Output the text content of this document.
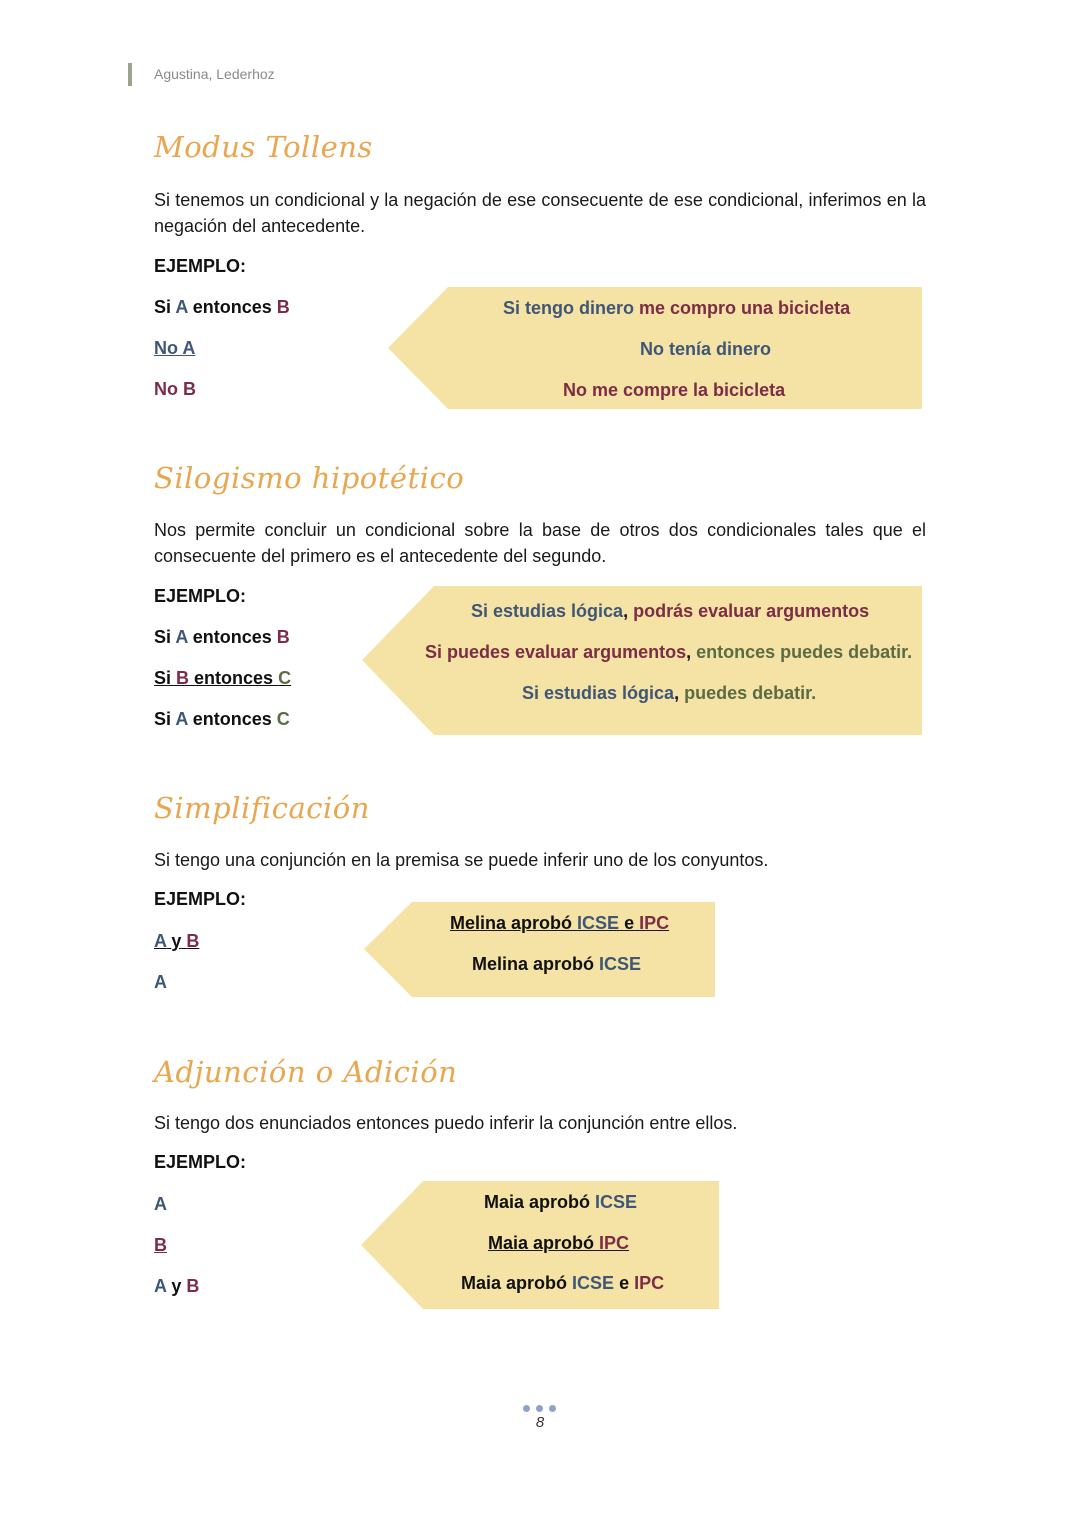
Agustina, Lederhoz
Modus Tollens
Si tenemos un condicional y la negación de ese consecuente de ese condicional, inferimos en la negación del antecedente.
EJEMPLO:
Si A entonces B
No A
No B
Si tengo dinero me compro una bicicleta
No tenía dinero
No me compre la bicicleta
Silogismo hipotético
Nos permite concluir un condicional sobre la base de otros dos condicionales tales que el consecuente del primero es el antecedente del segundo.
EJEMPLO:
Si A entonces B
Si B entonces C
Si A entonces C
Si estudias lógica, podrás evaluar argumentos
Si puedes evaluar argumentos, entonces puedes debatir.
Si estudias lógica, puedes debatir.
Simplificación
Si tengo una conjunción en la premisa se puede inferir uno de los conyuntos.
EJEMPLO:
A y B
A
Melina aprobó ICSE e IPC
Melina aprobó ICSE
Adjunción o Adición
Si tengo dos enunciados entonces puedo inferir la conjunción entre ellos.
EJEMPLO:
A
B
A y B
Maia aprobó ICSE
Maia aprobó IPC
Maia aprobó ICSE e IPC
8
